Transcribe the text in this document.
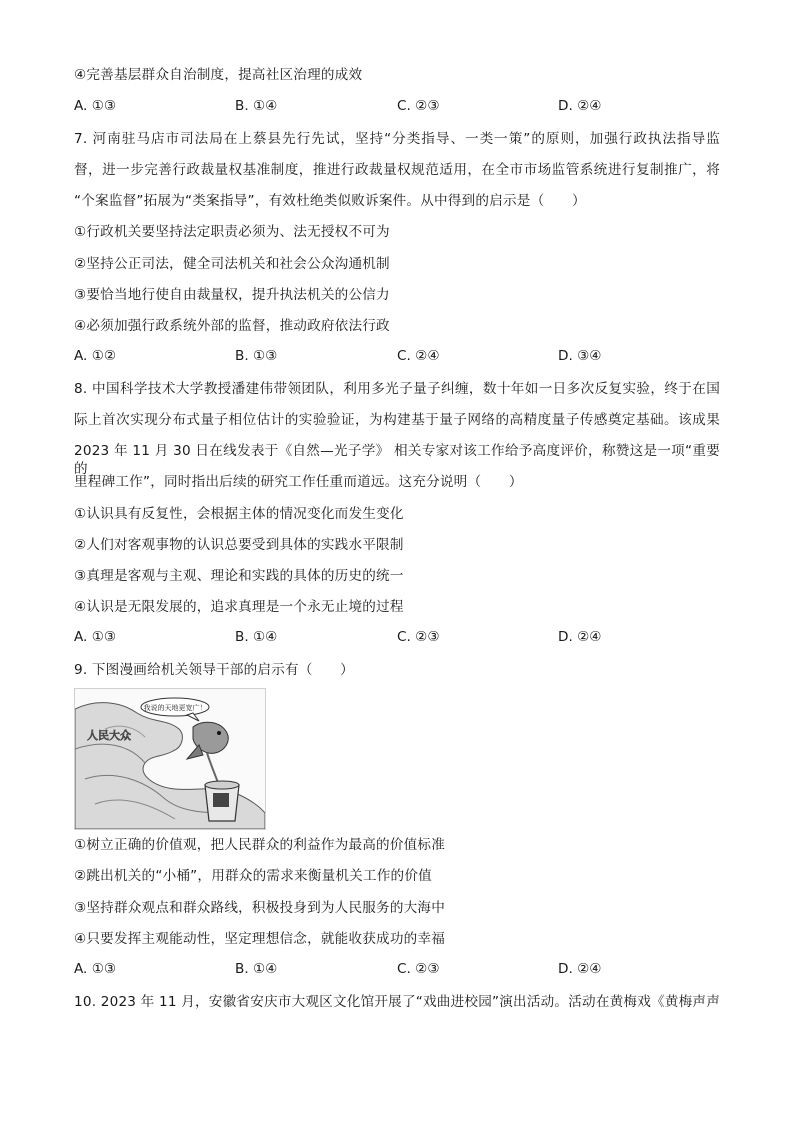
④完善基层群众自治制度，提高社区治理的成效
A. ①③	B. ①④	C. ②③	D. ②④
7. 河南驻马店市司法局在上蔡县先行先试，坚持“分类指导、一类一策”的原则，加强行政执法指导监
督，进一步完善行政裁量权基准制度，推进行政裁量权规范适用，在全市市场监管系统进行复制推广，将
“个案监督”拓展为“类案指导”，有效杜绝类似败诉案件。从中得到的启示是（　　）
①行政机关要坚持法定职责必须为、法无授权不可为
②坚持公正司法，健全司法机关和社会公众沟通机制
③要恰当地行使自由裁量权，提升执法机关的公信力
④必须加强行政系统外部的监督，推动政府依法行政
A. ①②	B. ①③	C. ②④	D. ③④
8. 中国科学技术大学教授潘建伟带领团队，利用多光子量子纠缠，数十年如一日多次反复实验，终于在国
际上首次实现分布式量子相位估计的实验验证，为构建基于量子网络的高精度量子传感奠定基础。该成果
2023 年 11 月 30 日在线发表于《自然—光子学》 相关专家对该工作给予高度评价，称赞这是一项“重要的
里程碑工作”，同时指出后续的研究工作任重而道远。这充分说明（　　）
①认识具有反复性，会根据主体的情况变化而发生变化
②人们对客观事物的认识总要受到具体的实践水平限制
③真理是客观与主观、理论和实践的具体的历史的统一
④认识是无限发展的，追求真理是一个永无止境的过程
A. ①③	B. ①④	C. ②③	D. ②④
9. 下图漫画给机关领导干部的启示有（　　）
我说的天地更宽广！
人民大众
①树立正确的价值观，把人民群众的利益作为最高的价值标准
②跳出机关的“小桶”，用群众的需求来衡量机关工作的价值
③坚持群众观点和群众路线，积极投身到为人民服务的大海中
④只要发挥主观能动性，坚定理想信念，就能收获成功的幸福
A. ①③	B. ①④	C. ②③	D. ②④
10. 2023 年 11 月，安徽省安庆市大观区文化馆开展了“戏曲进校园”演出活动。活动在黄梅戏《黄梅声声
